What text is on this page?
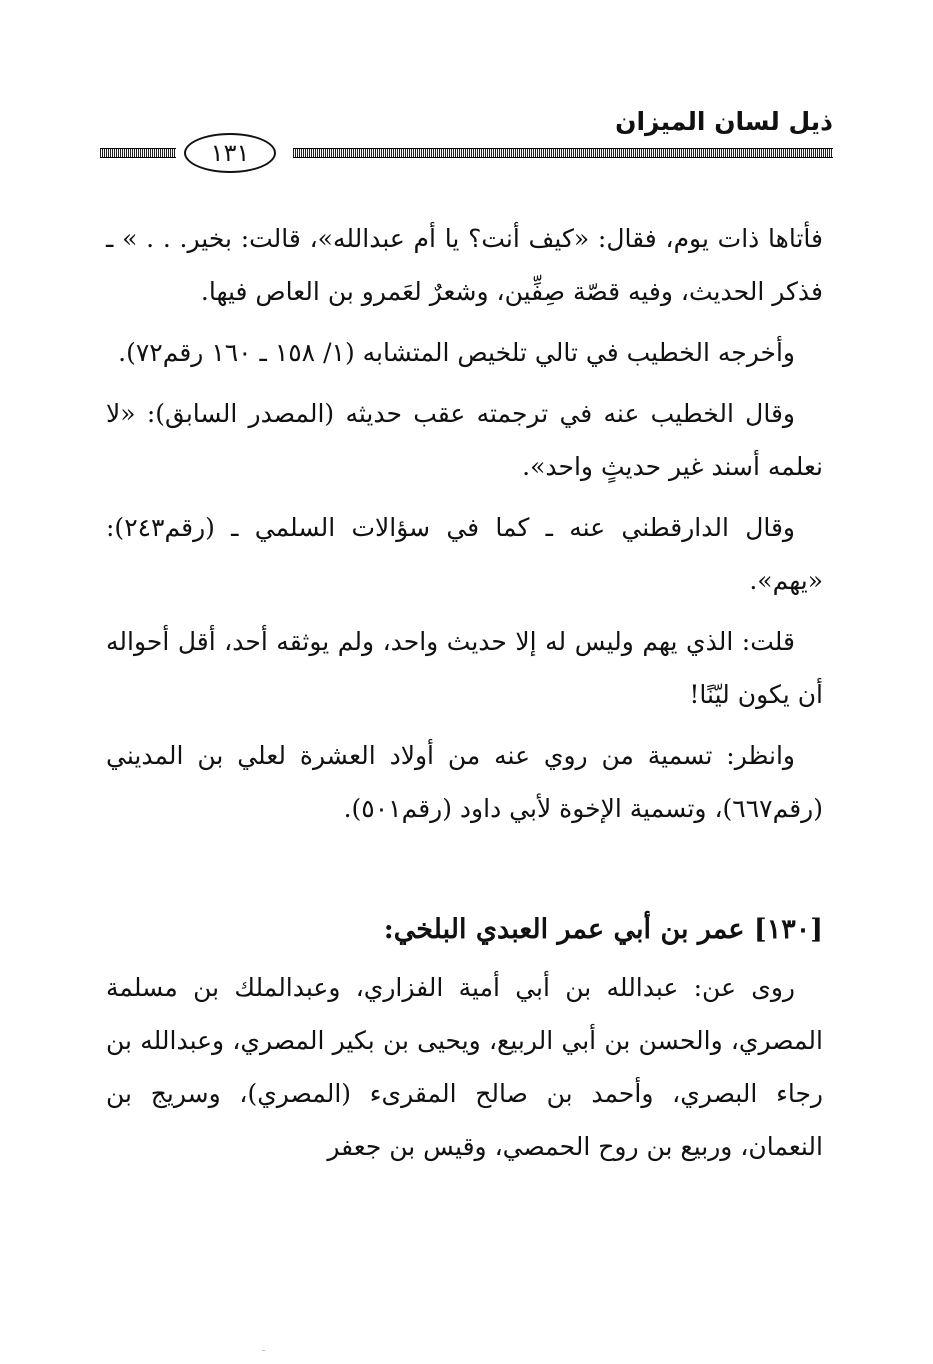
ذيل لسان الميزان
١٣١

فأتاها ذات يوم، فقال: «كيف أنت؟ يا أم عبدالله»، قالت: بخير. . . » ـ فذكر الحديث، وفيه قصّة صِفِّين، وشعرٌ لعَمرو بن العاص فيها.

وأخرجه الخطيب في تالي تلخيص المتشابه (١/ ١٥٨ ـ ١٦٠ رقم٧٢).

وقال الخطيب عنه في ترجمته عقب حديثه (المصدر السابق): «لا نعلمه أسند غير حديثٍ واحد».

وقال الدارقطني عنه ـ كما في سؤالات السلمي ـ (رقم٢٤٣): «يهم».

قلت: الذي يهم وليس له إلا حديث واحد، ولم يوثقه أحد، أقل أحواله أن يكون ليّنًا!

وانظر: تسمية من روي عنه من أولاد العشرة لعلي بن المديني (رقم٦٦٧)، وتسمية الإخوة لأبي داود (رقم٥٠١).

[١٣٠] عمر بن أبي عمر العبدي البلخي:

روى عن: عبدالله بن أبي أمية الفزاري، وعبدالملك بن مسلمة المصري، والحسن بن أبي الربيع، ويحيى بن بكير المصري، وعبدالله بن رجاء البصري، وأحمد بن صالح المقرىء (المصري)، وسريج بن النعمان، وربيع بن روح الحمصي، وقيس بن جعفر
